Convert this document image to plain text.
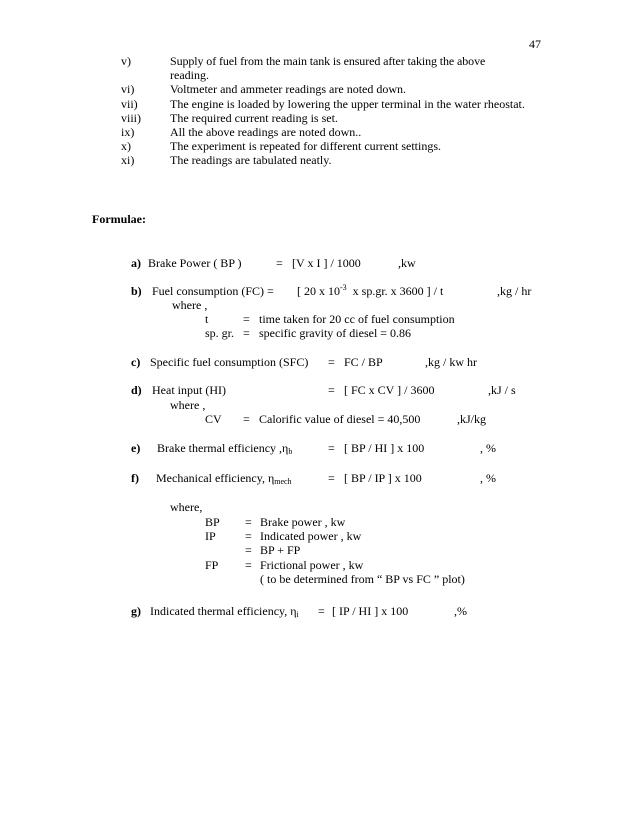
47
v)	Supply of fuel from the main tank is ensured after taking the above
reading.
vi)	Voltmeter and ammeter readings are noted down.
vii)	The engine is loaded by lowering the upper terminal in the water rheostat.
viii) The required current reading is set.
ix)	All the above readings are noted down..
x)	The experiment is repeated for different current settings.
xi)	The readings are tabulated neatly.
Formulae:
a) Brake Power ( BP )	= [V x I ] / 1000	,kw
b) Fuel consumption (FC) = [ 20 x $10^{-3}$ x sp.gr. x 3600 ] / t	,kg / hr
where ,
t	= time taken for 20 cc of fuel consumption
sp. gr. = specific gravity of diesel = 0.86
c) Specific fuel consumption (SFC) = FC / BP	,kg / kw hr
d) Heat input (HI)	= [ FC x CV ] / 3600	,kJ / s
where ,
CV = Calorific value of diesel = 40,500	,kJ/kg
e) Brake thermal efficiency $,\eta_b$	= [ BP / HI ] x 100	, %
f) Mechanical efficiency, $\eta_{mech}$	= [ BP / IP ] x 100	, %
where,
BP = Brake power , kw
IP = Indicated power , kw
= BP + FP
FP = Frictional power , kw
( to be determined from “ BP vs FC ” plot)
g) Indicated thermal efficiency, $\eta_i$ = [ IP / HI ] x 100	,%
